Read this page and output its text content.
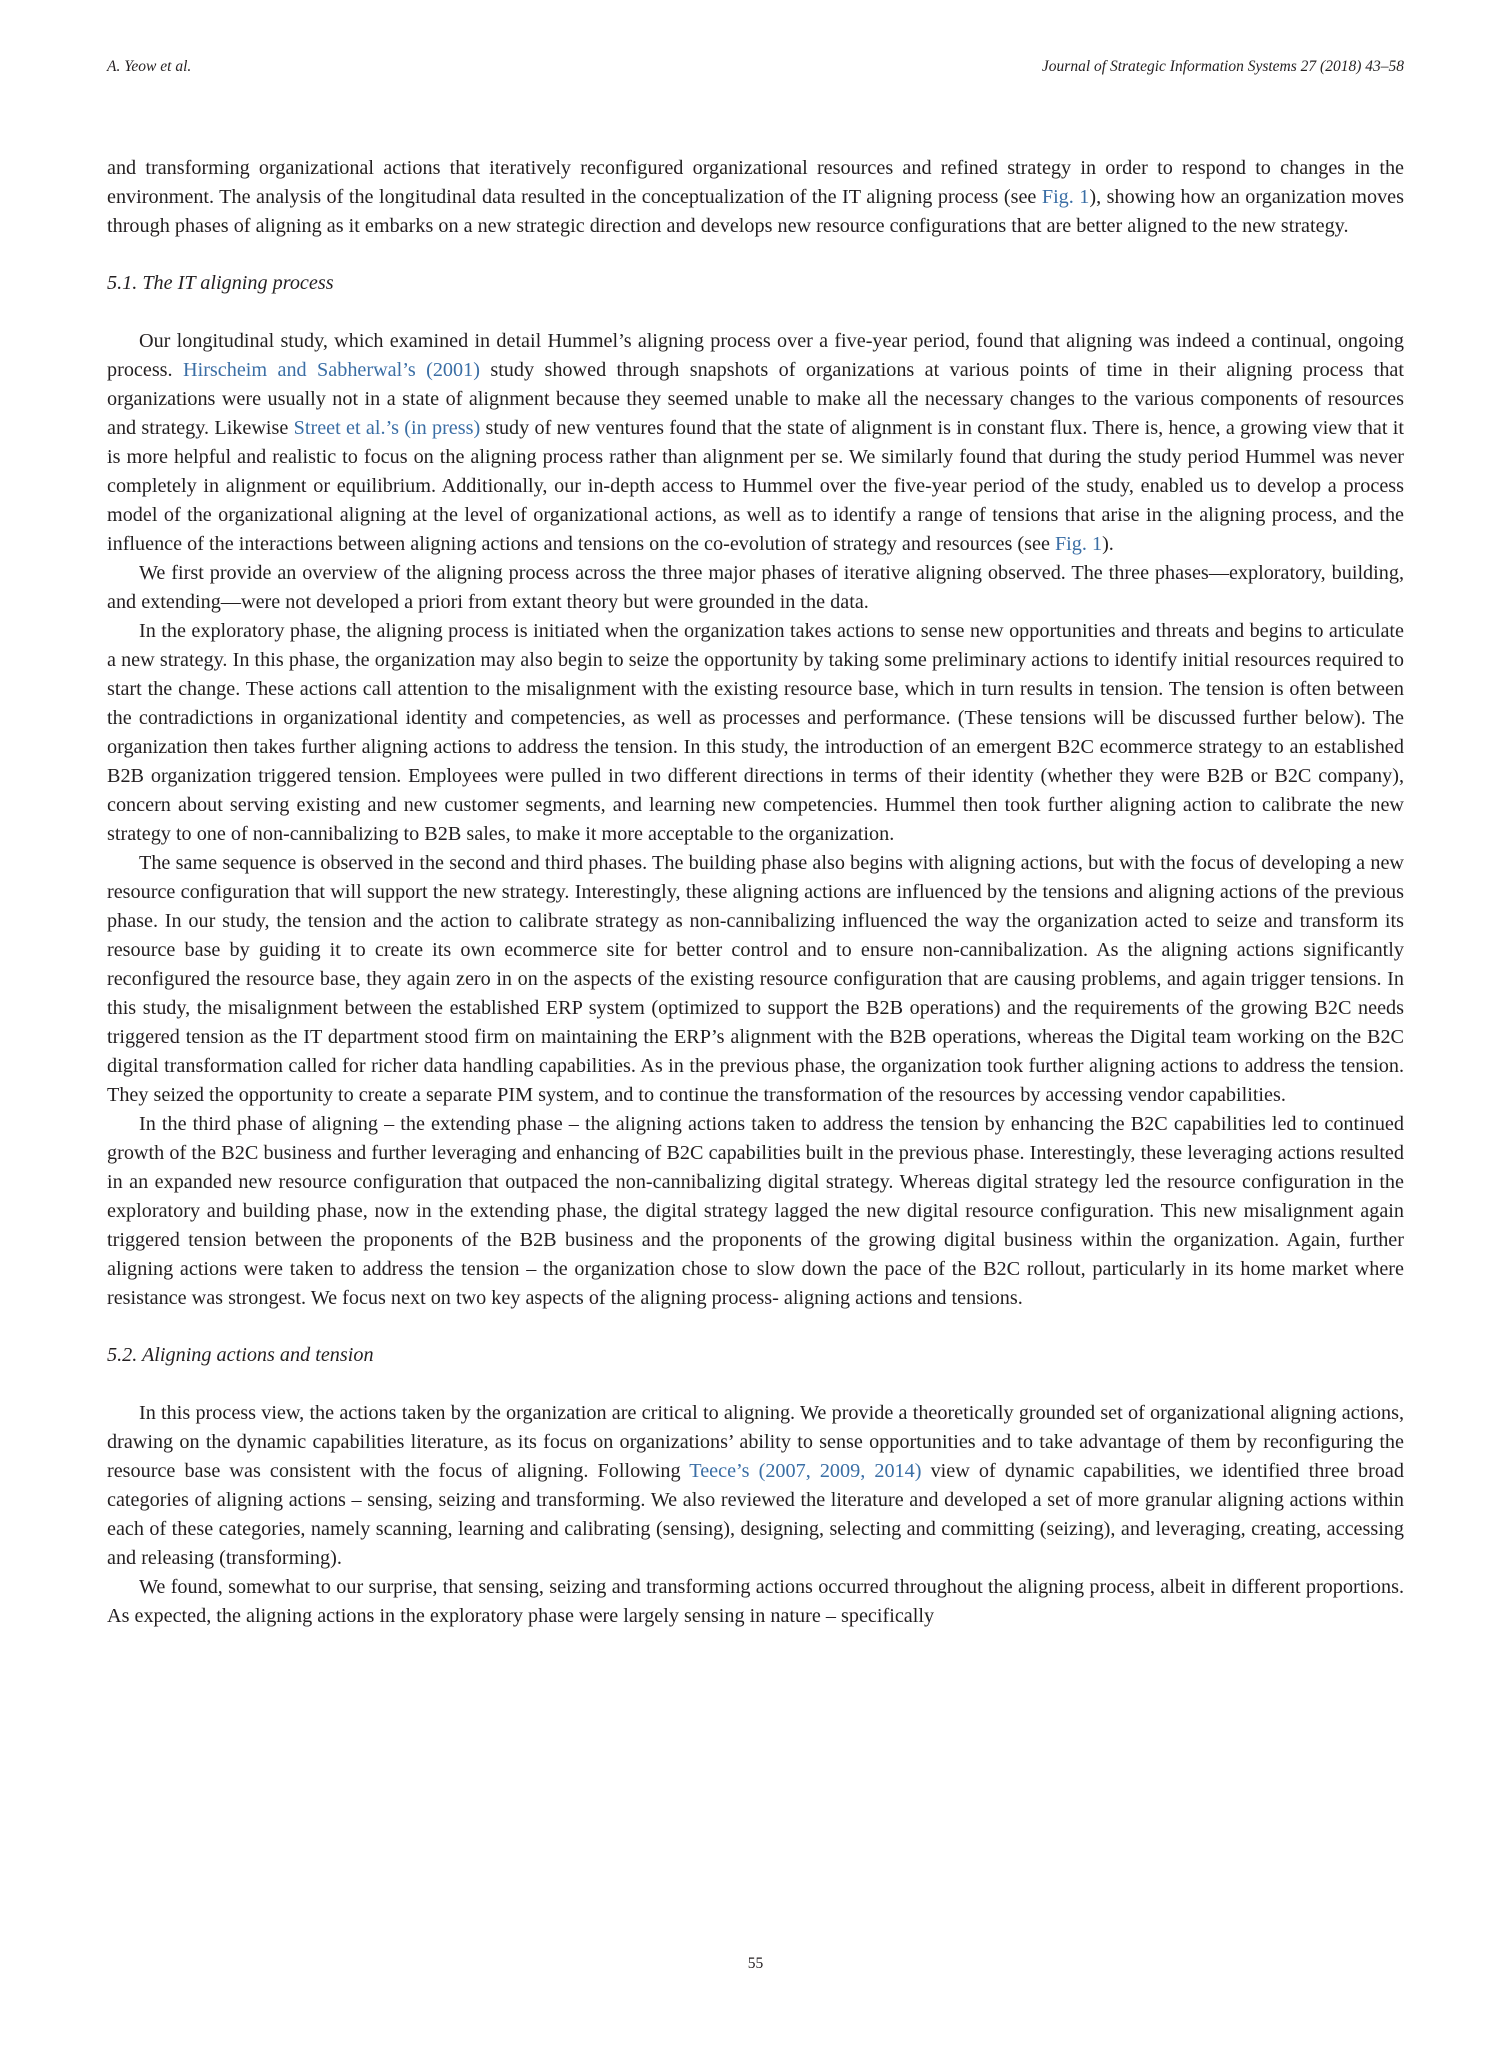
A. Yeow et al.	Journal of Strategic Information Systems 27 (2018) 43–58

and transforming organizational actions that iteratively reconfigured organizational resources and refined strategy in order to respond to changes in the environment. The analysis of the longitudinal data resulted in the conceptualization of the IT aligning process (see Fig. 1), showing how an organization moves through phases of aligning as it embarks on a new strategic direction and develops new resource configurations that are better aligned to the new strategy.

5.1. The IT aligning process

Our longitudinal study, which examined in detail Hummel’s aligning process over a five-year period, found that aligning was indeed a continual, ongoing process. Hirscheim and Sabherwal’s (2001) study showed through snapshots of organizations at various points of time in their aligning process that organizations were usually not in a state of alignment because they seemed unable to make all the necessary changes to the various components of resources and strategy. Likewise Street et al.’s (in press) study of new ventures found that the state of alignment is in constant flux. There is, hence, a growing view that it is more helpful and realistic to focus on the aligning process rather than alignment per se. We similarly found that during the study period Hummel was never completely in alignment or equilibrium. Additionally, our in-depth access to Hummel over the five-year period of the study, enabled us to develop a process model of the organizational aligning at the level of organizational actions, as well as to identify a range of tensions that arise in the aligning process, and the influence of the interactions between aligning actions and tensions on the co-evolution of strategy and resources (see Fig. 1).

We first provide an overview of the aligning process across the three major phases of iterative aligning observed. The three phases—exploratory, building, and extending—were not developed a priori from extant theory but were grounded in the data.

In the exploratory phase, the aligning process is initiated when the organization takes actions to sense new opportunities and threats and begins to articulate a new strategy. In this phase, the organization may also begin to seize the opportunity by taking some preliminary actions to identify initial resources required to start the change. These actions call attention to the misalignment with the existing resource base, which in turn results in tension. The tension is often between the contradictions in organizational identity and competencies, as well as processes and performance. (These tensions will be discussed further below). The organization then takes further aligning actions to address the tension. In this study, the introduction of an emergent B2C ecommerce strategy to an established B2B organization triggered tension. Employees were pulled in two different directions in terms of their identity (whether they were B2B or B2C company), concern about serving existing and new customer segments, and learning new competencies. Hummel then took further aligning action to calibrate the new strategy to one of non-cannibalizing to B2B sales, to make it more acceptable to the organization.

The same sequence is observed in the second and third phases. The building phase also begins with aligning actions, but with the focus of developing a new resource configuration that will support the new strategy. Interestingly, these aligning actions are influenced by the tensions and aligning actions of the previous phase. In our study, the tension and the action to calibrate strategy as non-cannibalizing influenced the way the organization acted to seize and transform its resource base by guiding it to create its own ecommerce site for better control and to ensure non-cannibalization. As the aligning actions significantly reconfigured the resource base, they again zero in on the aspects of the existing resource configuration that are causing problems, and again trigger tensions. In this study, the misalignment between the established ERP system (optimized to support the B2B operations) and the requirements of the growing B2C needs triggered tension as the IT department stood firm on maintaining the ERP’s alignment with the B2B operations, whereas the Digital team working on the B2C digital transformation called for richer data handling capabilities. As in the previous phase, the organization took further aligning actions to address the tension. They seized the opportunity to create a separate PIM system, and to continue the transformation of the resources by accessing vendor capabilities.

In the third phase of aligning – the extending phase – the aligning actions taken to address the tension by enhancing the B2C capabilities led to continued growth of the B2C business and further leveraging and enhancing of B2C capabilities built in the previous phase. Interestingly, these leveraging actions resulted in an expanded new resource configuration that outpaced the non-cannibalizing digital strategy. Whereas digital strategy led the resource configuration in the exploratory and building phase, now in the extending phase, the digital strategy lagged the new digital resource configuration. This new misalignment again triggered tension between the proponents of the B2B business and the proponents of the growing digital business within the organization. Again, further aligning actions were taken to address the tension – the organization chose to slow down the pace of the B2C rollout, particularly in its home market where resistance was strongest. We focus next on two key aspects of the aligning process- aligning actions and tensions.

5.2. Aligning actions and tension

In this process view, the actions taken by the organization are critical to aligning. We provide a theoretically grounded set of organizational aligning actions, drawing on the dynamic capabilities literature, as its focus on organizations’ ability to sense opportunities and to take advantage of them by reconfiguring the resource base was consistent with the focus of aligning. Following Teece’s (2007, 2009, 2014) view of dynamic capabilities, we identified three broad categories of aligning actions – sensing, seizing and transforming. We also reviewed the literature and developed a set of more granular aligning actions within each of these categories, namely scanning, learning and calibrating (sensing), designing, selecting and committing (seizing), and leveraging, creating, accessing and releasing (transforming).

We found, somewhat to our surprise, that sensing, seizing and transforming actions occurred throughout the aligning process, albeit in different proportions. As expected, the aligning actions in the exploratory phase were largely sensing in nature – specifically

55
